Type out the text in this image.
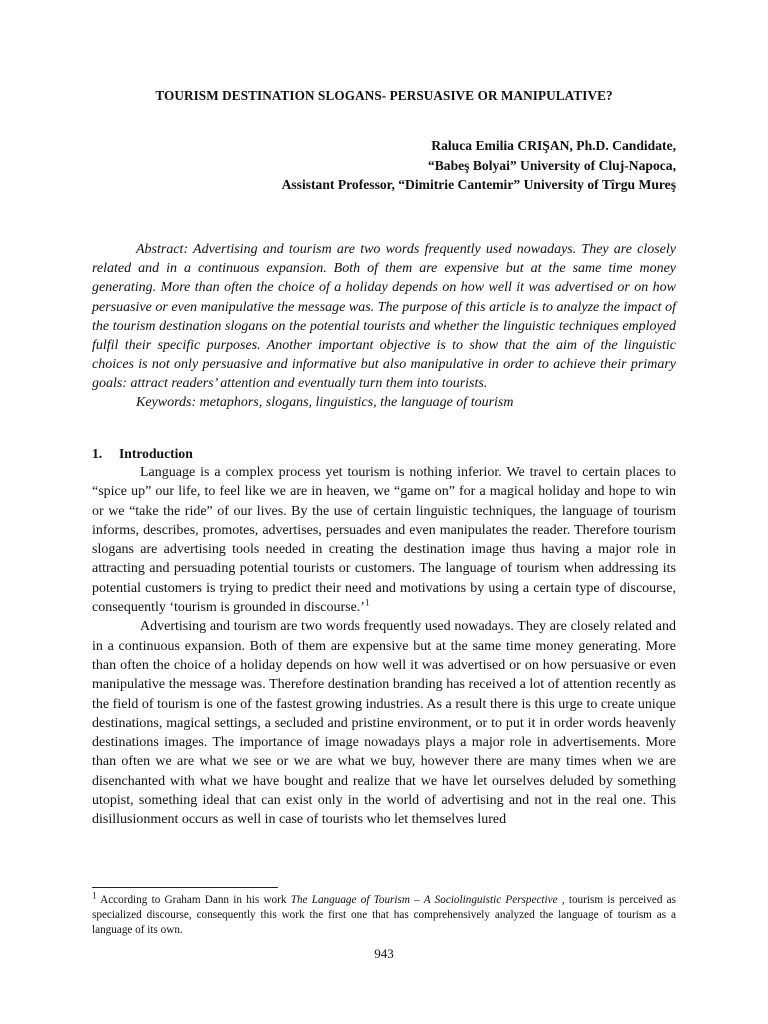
TOURISM DESTINATION SLOGANS- PERSUASIVE OR MANIPULATIVE?
Raluca Emilia CRIŞAN, Ph.D. Candidate,
“Babeş Bolyai” University of Cluj-Napoca,
Assistant Professor, “Dimitrie Cantemir” University of Tîrgu Mureş

Abstract: Advertising and tourism are two words frequently used nowadays. They are closely related and in a continuous expansion. Both of them are expensive but at the same time money generating. More than often the choice of a holiday depends on how well it was advertised or on how persuasive or even manipulative the message was. The purpose of this article is to analyze the impact of the tourism destination slogans on the potential tourists and whether the linguistic techniques employed fulfil their specific purposes. Another important objective is to show that the aim of the linguistic choices is not only persuasive and informative but also manipulative in order to achieve their primary goals: attract readers’ attention and eventually turn them into tourists.

Keywords: metaphors, slogans, linguistics, the language of tourism

1. Introduction

Language is a complex process yet tourism is nothing inferior. We travel to certain places to “spice up” our life, to feel like we are in heaven, we “game on” for a magical holiday and hope to win or we “take the ride” of our lives. By the use of certain linguistic techniques, the language of tourism informs, describes, promotes, advertises, persuades and even manipulates the reader. Therefore tourism slogans are advertising tools needed in creating the destination image thus having a major role in attracting and persuading potential tourists or customers. The language of tourism when addressing its potential customers is trying to predict their need and motivations by using a certain type of discourse, consequently ‘tourism is grounded in discourse.’$^1$

Advertising and tourism are two words frequently used nowadays. They are closely related and in a continuous expansion. Both of them are expensive but at the same time money generating. More than often the choice of a holiday depends on how well it was advertised or on how persuasive or even manipulative the message was. Therefore destination branding has received a lot of attention recently as the field of tourism is one of the fastest growing industries. As a result there is this urge to create unique destinations, magical settings, a secluded and pristine environment, or to put it in order words heavenly destinations images. The importance of image nowadays plays a major role in advertisements. More than often we are what we see or we are what we buy, however there are many times when we are disenchanted with what we have bought and realize that we have let ourselves deluded by something utopist, something ideal that can exist only in the world of advertising and not in the real one. This disillusionment occurs as well in case of tourists who let themselves lured

$^1$ According to Graham Dann in his work The Language of Tourism – A Sociolinguistic Perspective , tourism is perceived as specialized discourse, consequently this work the first one that has comprehensively analyzed the language of tourism as a language of its own.

943
